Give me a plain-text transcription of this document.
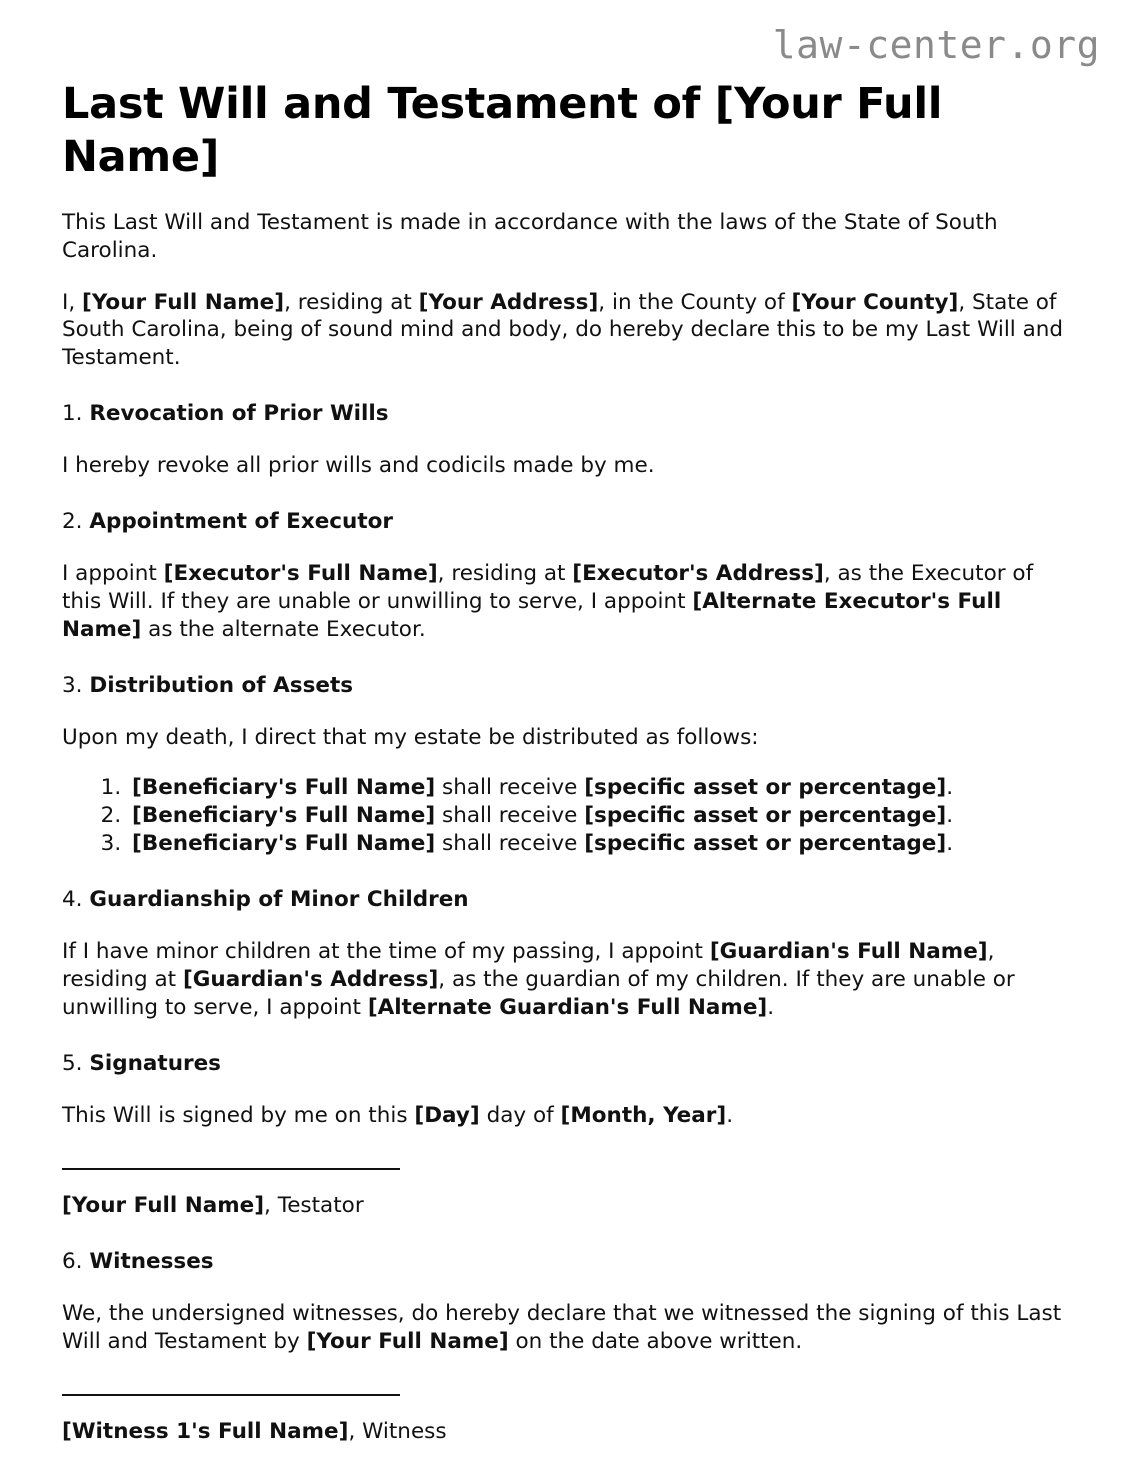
law-center.org
Last Will and Testament of [Your Full Name]

This Last Will and Testament is made in accordance with the laws of the State of South Carolina.

I, [Your Full Name], residing at [Your Address], in the County of [Your County], State of South Carolina, being of sound mind and body, do hereby declare this to be my Last Will and Testament.

1. Revocation of Prior Wills

I hereby revoke all prior wills and codicils made by me.

2. Appointment of Executor

I appoint [Executor's Full Name], residing at [Executor's Address], as the Executor of this Will. If they are unable or unwilling to serve, I appoint [Alternate Executor's Full Name] as the alternate Executor.

3. Distribution of Assets

Upon my death, I direct that my estate be distributed as follows:

1. [Beneficiary's Full Name] shall receive [specific asset or percentage].
2. [Beneficiary's Full Name] shall receive [specific asset or percentage].
3. [Beneficiary's Full Name] shall receive [specific asset or percentage].

4. Guardianship of Minor Children

If I have minor children at the time of my passing, I appoint [Guardian's Full Name], residing at [Guardian's Address], as the guardian of my children. If they are unable or unwilling to serve, I appoint [Alternate Guardian's Full Name].

5. Signatures

This Will is signed by me on this [Day] day of [Month, Year].

[Your Full Name], Testator

6. Witnesses

We, the undersigned witnesses, do hereby declare that we witnessed the signing of this Last Will and Testament by [Your Full Name] on the date above written.

[Witness 1's Full Name], Witness
